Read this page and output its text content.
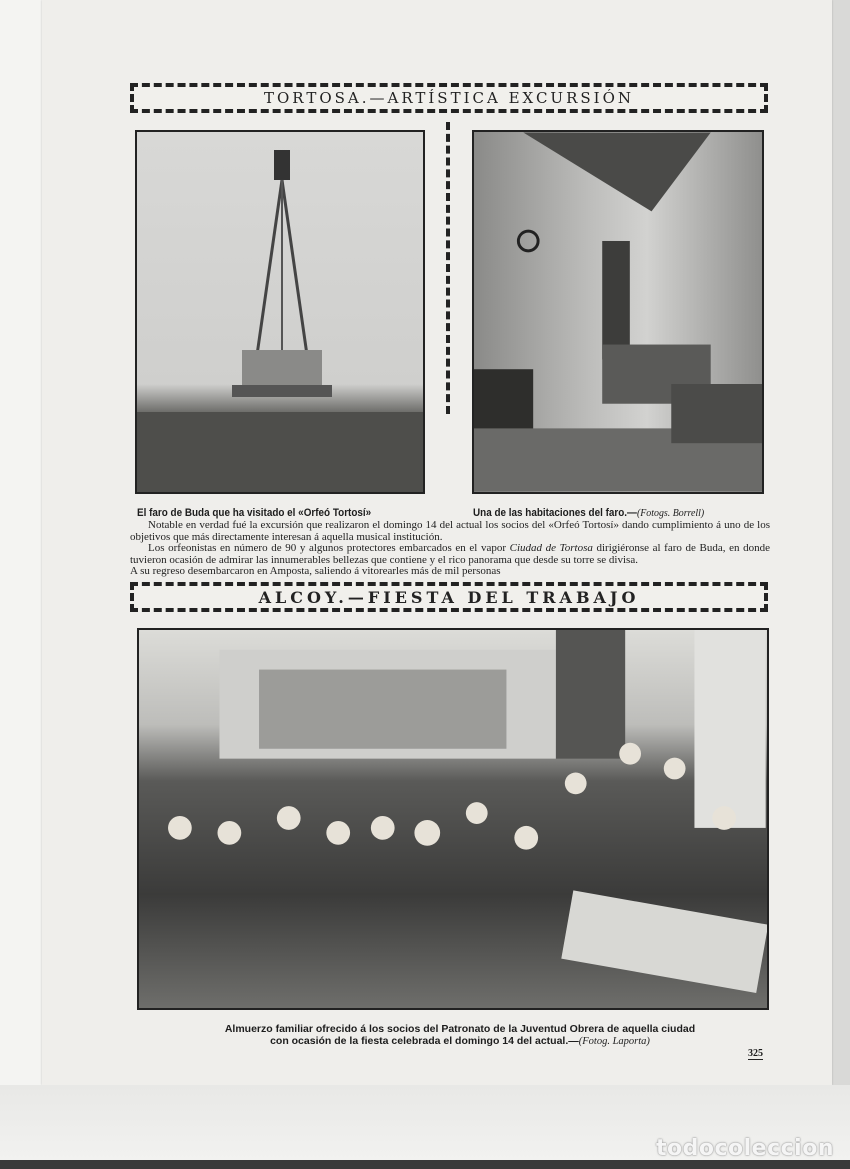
TORTOSA.—ARTÍSTICA EXCURSIÓN
El faro de Buda que ha visitado el «Orfeó Tortosí»	Una de las habitaciones del faro.—(Fotogs. Borrell)

Notable en verdad fué la excursión que realizaron el domingo 14 del actual los socios del «Orfeó Tortosí» dando cumplimiento á uno de los objetivos que más directamente interesan á aquella musical institución.

Los orfeonistas en número de 90 y algunos protectores embarcados en el vapor Ciudad de Tortosa dirigiéronse al faro de Buda, en donde tuvieron ocasión de admirar las innumerables bellezas que contiene y el rico panorama que desde su torre se divisa.

A su regreso desembarcaron en Amposta, saliendo á vitorearles más de mil personas

ALCOY.—FIESTA DEL TRABAJO
Almuerzo familiar ofrecido á los socios del Patronato de la Juventud Obrera de aquella ciudad
con ocasión de la fiesta celebrada el domingo 14 del actual.—(Fotog. Laporta)
325
todocoleccion
